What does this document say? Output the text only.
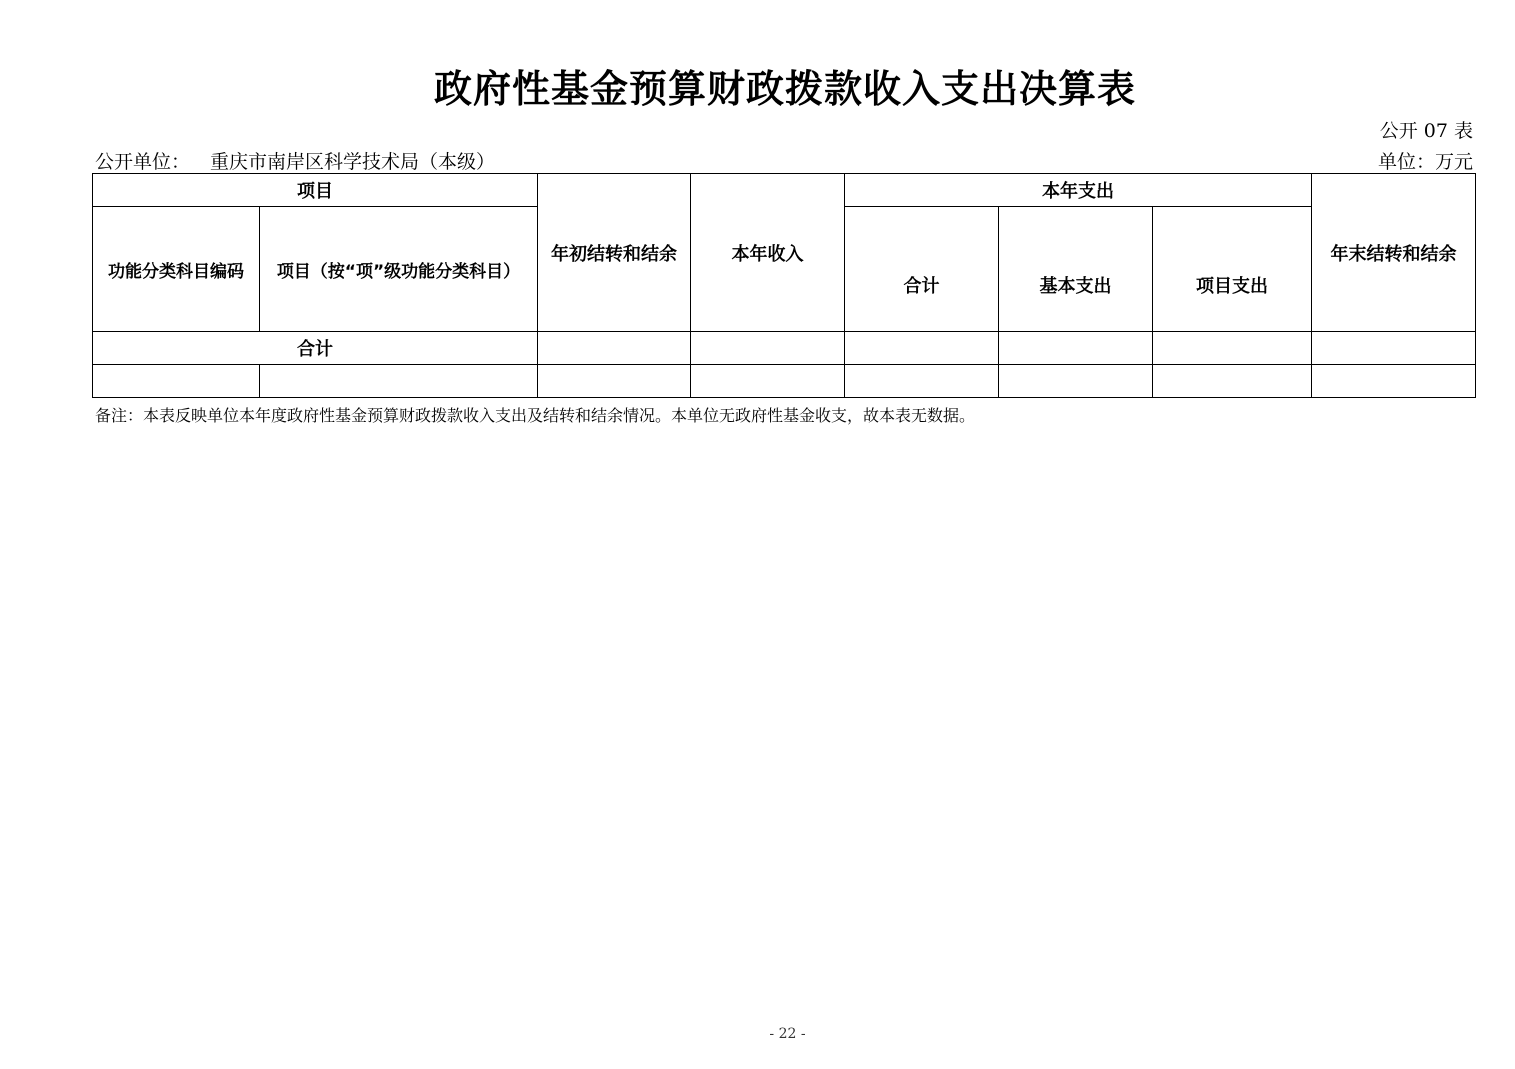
政府性基金预算财政拨款收入支出决算表
公开 07 表
公开单位： 重庆市南岸区科学技术局（本级）	单位：万元
项目		年初结转和结余	本年收入	本年支出			年末结转和结余
功能分类科目编码	项目（按“项”级功能分类科目）			合计	基本支出	项目支出	
合计							

备注：本表反映单位本年度政府性基金预算财政拨款收入支出及结转和结余情况。本单位无政府性基金收支，故本表无数据。
- 22 -
